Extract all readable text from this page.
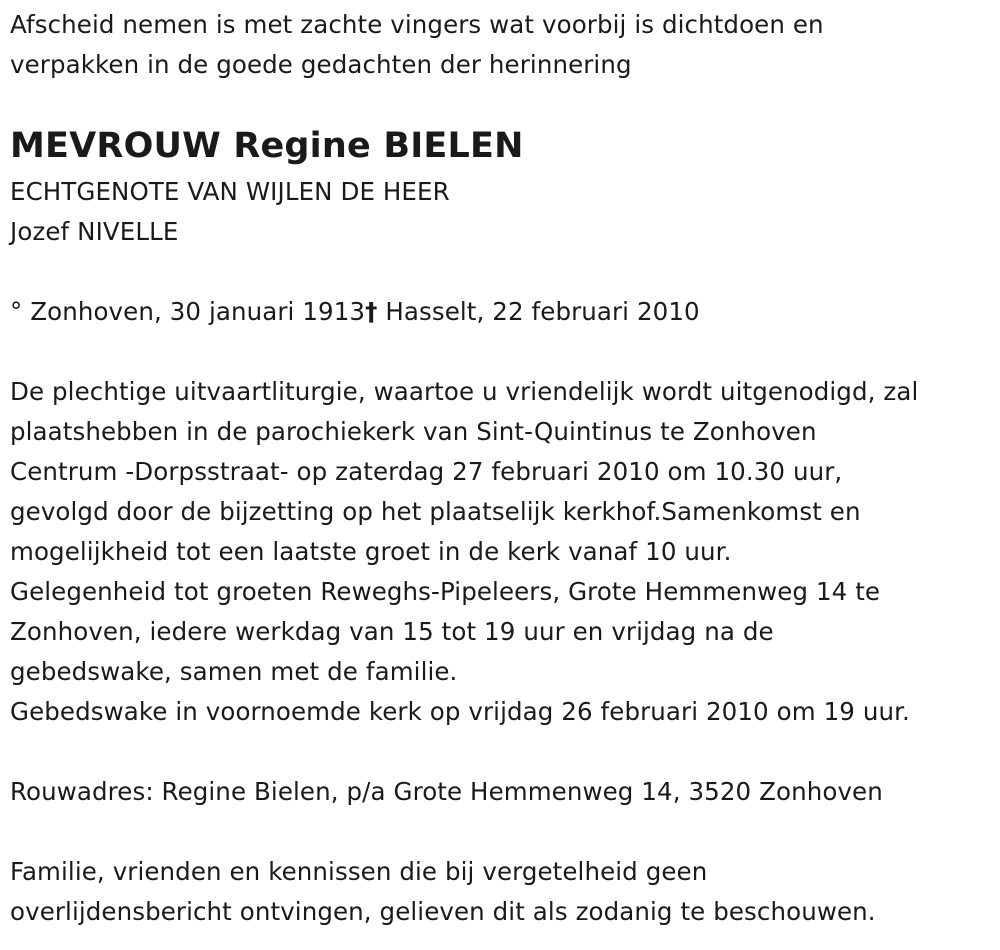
Afscheid nemen is met zachte vingers wat voorbij is dichtdoen en
verpakken in de goede gedachten der herinnering
MEVROUW Regine BIELEN
ECHTGENOTE VAN WIJLEN DE HEER
Jozef NIVELLE
° Zonhoven, 30 januari 1913† Hasselt, 22 februari 2010
De plechtige uitvaartliturgie, waartoe u vriendelijk wordt uitgenodigd, zal
plaatshebben in de parochiekerk van Sint-Quintinus te Zonhoven
Centrum -Dorpsstraat- op zaterdag 27 februari 2010 om 10.30 uur,
gevolgd door de bijzetting op het plaatselijk kerkhof.Samenkomst en
mogelijkheid tot een laatste groet in de kerk vanaf 10 uur.
Gelegenheid tot groeten Reweghs-Pipeleers, Grote Hemmenweg 14 te
Zonhoven, iedere werkdag van 15 tot 19 uur en vrijdag na de
gebedswake, samen met de familie.
Gebedswake in voornoemde kerk op vrijdag 26 februari 2010 om 19 uur.
Rouwadres: Regine Bielen, p/a Grote Hemmenweg 14, 3520 Zonhoven
Familie, vrienden en kennissen die bij vergetelheid geen
overlijdensbericht ontvingen, gelieven dit als zodanig te beschouwen.
